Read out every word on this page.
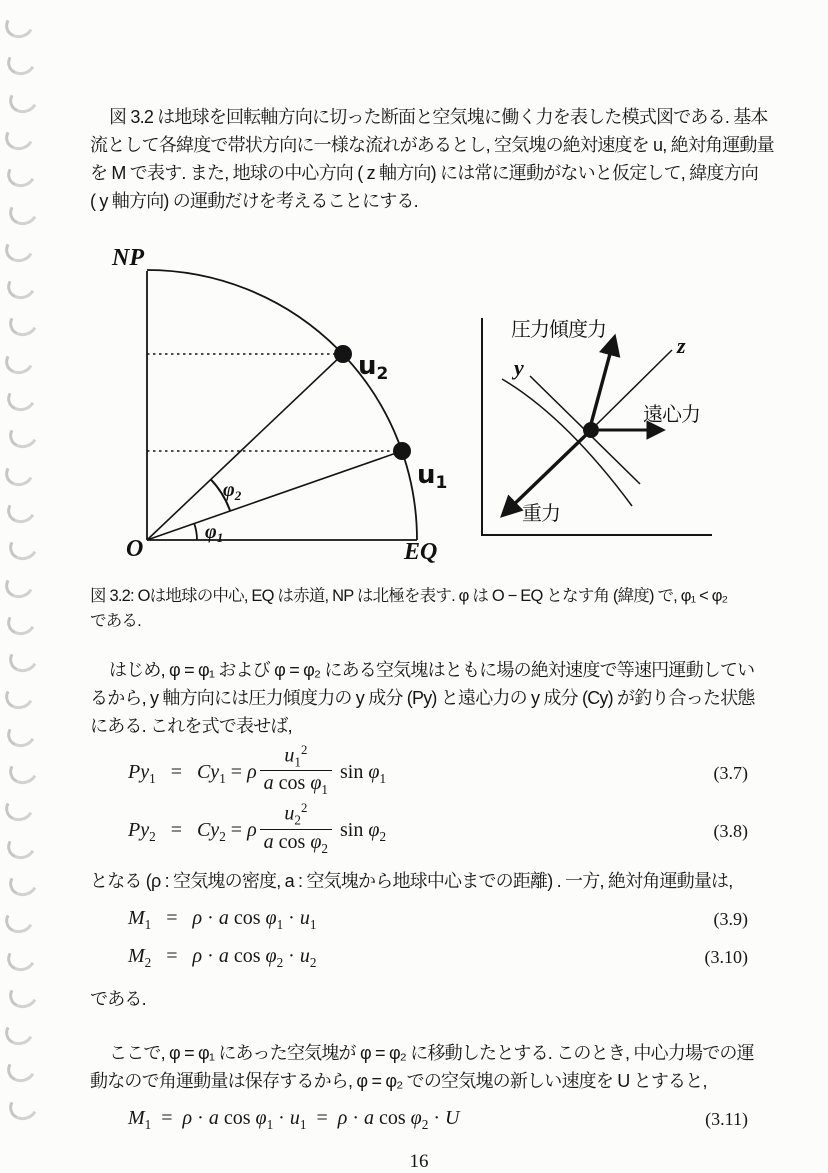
図 3.2 は地球を回転軸方向に切った断面と空気塊に働く力を表した模式図である. 基本
流として各緯度で帯状方向に一様な流れがあるとし, 空気塊の絶対速度を u, 絶対角運動量
を M で表す. また, 地球の中心方向 ( z 軸方向) には常に運動がないと仮定して, 緯度方向
( y 軸方向) の運動だけを考えることにする.

NP
O	EQ
u2
u1
$\varphi_2$
$\varphi_1$
圧力傾度力
z
y
遠心力
重力

図 3.2: Oは地球の中心, EQ は赤道, NP は北極を表す. φ は O − EQ となす角 (緯度) で, φ₁ < φ₂
である.

はじめ, φ = φ₁ および φ = φ₂ にある空気塊はともに場の絶対速度で等速円運動してい
るから, y 軸方向には圧力傾度力の y 成分 (Py) と遠心力の y 成分 (Cy) が釣り合った状態
にある. これを式で表せば,

$Py_1 = Cy_1 = \rho \frac{u_1^2}{a \cos \varphi_1}$ $\sin \varphi_1$	(3.7)
$Py_2 = Cy_2 = \rho \frac{u_2^2}{a \cos \varphi_2}$ $\sin \varphi_2$	(3.8)

となる (ρ : 空気塊の密度, a : 空気塊から地球中心までの距離) . 一方, 絶対角運動量は,

$M_1 = \rho \cdot a$ $\cos \varphi_1 \cdot u_1$	(3.9)
$M_2 = \rho \cdot a$ $\cos \varphi_2 \cdot u_2$	(3.10)

である.

ここで, φ = φ₁ にあった空気塊が φ = φ₂ に移動したとする. このとき, 中心力場での運
動なので角運動量は保存するから, φ = φ₂ での空気塊の新しい速度を U とすると,

$M_1 = \rho \cdot a$ $\cos \varphi_1 \cdot u_1 = \rho \cdot a$ $\cos \varphi_2 \cdot U$	(3.11)
16
